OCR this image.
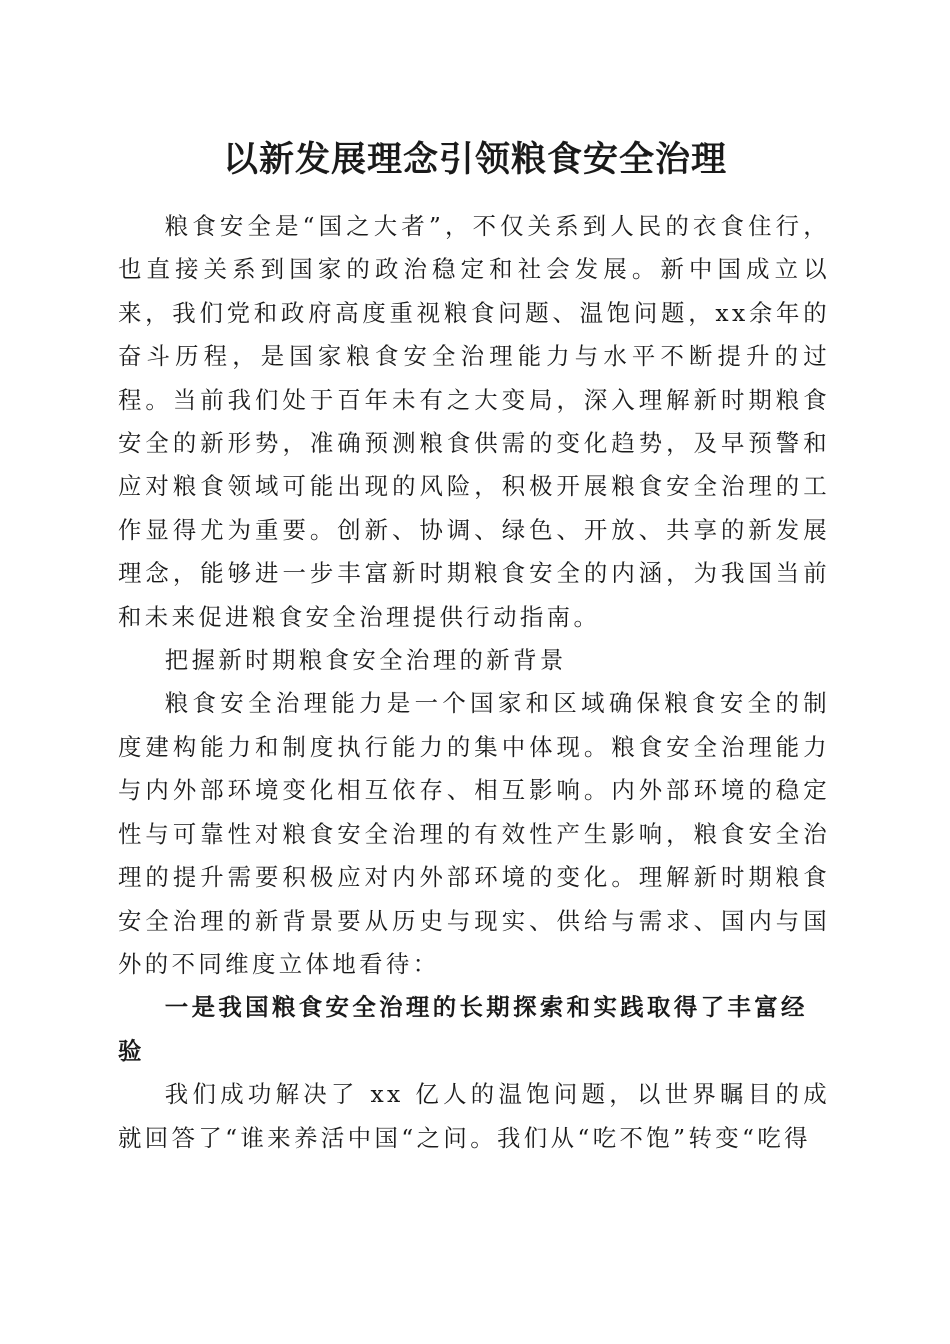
以新发展理念引领粮食安全治理

粮食安全是“国之大者”，不仅关系到人民的衣食住行，也直接关系到国家的政治稳定和社会发展。新中国成立以来，我们党和政府高度重视粮食问题、温饱问题，xx余年的奋斗历程，是国家粮食安全治理能力与水平不断提升的过程。当前我们处于百年未有之大变局，深入理解新时期粮食安全的新形势，准确预测粮食供需的变化趋势，及早预警和应对粮食领域可能出现的风险，积极开展粮食安全治理的工作显得尤为重要。创新、协调、绿色、开放、共享的新发展理念，能够进一步丰富新时期粮食安全的内涵，为我国当前和未来促进粮食安全治理提供行动指南。

把握新时期粮食安全治理的新背景

粮食安全治理能力是一个国家和区域确保粮食安全的制度建构能力和制度执行能力的集中体现。粮食安全治理能力与内外部环境变化相互依存、相互影响。内外部环境的稳定性与可靠性对粮食安全治理的有效性产生影响，粮食安全治理的提升需要积极应对内外部环境的变化。理解新时期粮食安全治理的新背景要从历史与现实、供给与需求、国内与国外的不同维度立体地看待：

一是我国粮食安全治理的长期探索和实践取得了丰富经验

我们成功解决了 xx 亿人的温饱问题，以世界瞩目的成就回答了“谁来养活中国“之问。我们从“吃不饱”转变“吃得
